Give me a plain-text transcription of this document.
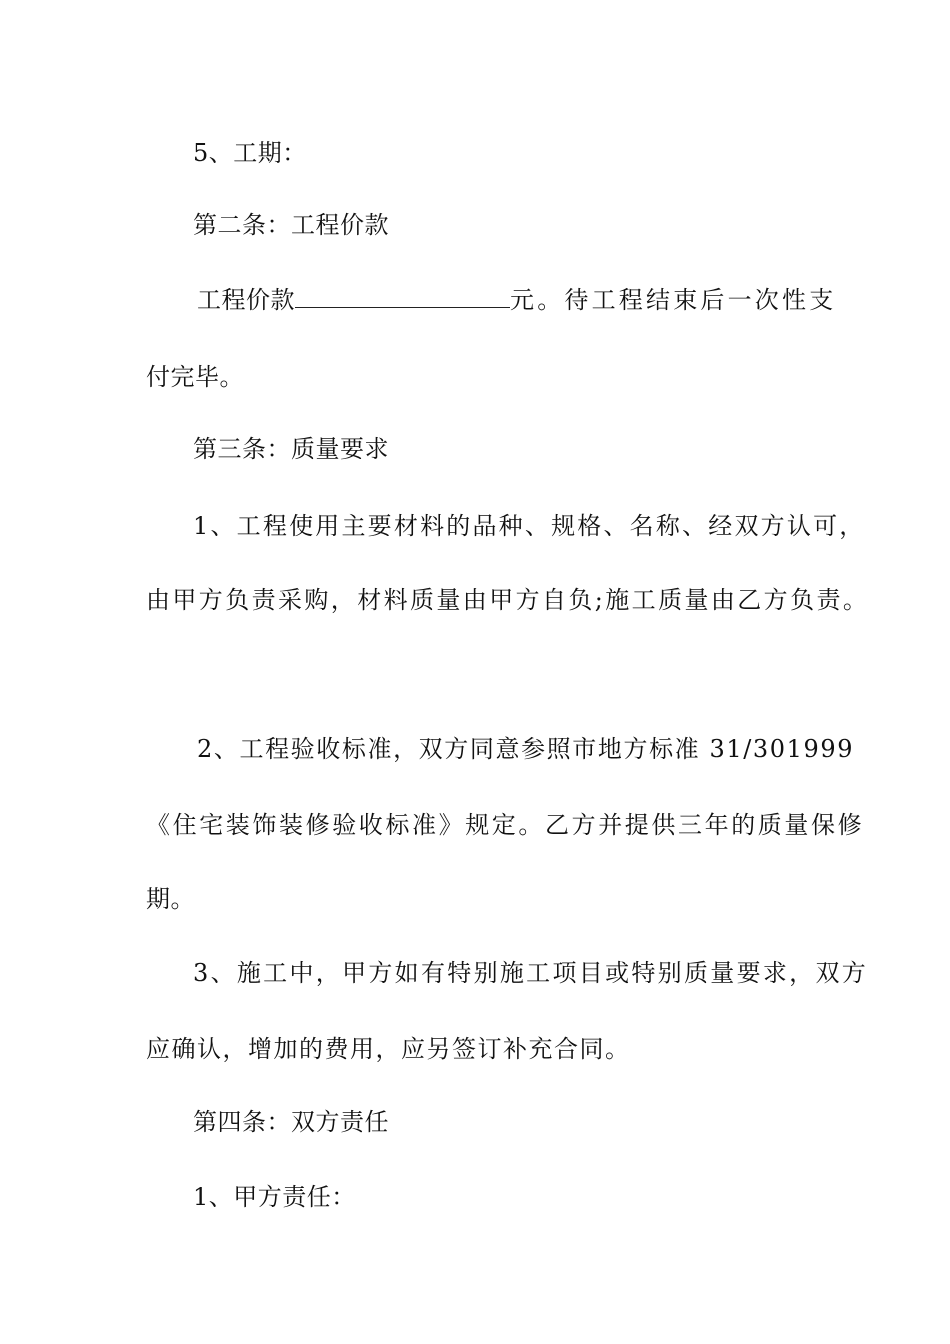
5、工期：
第二条：工程价款
工程价款	元。待工程结束后一次性支
付完毕。
第三条：质量要求
1、工程使用主要材料的品种、规格、名称、经双方认可，
由甲方负责采购，材料质量由甲方自负;施工质量由乙方负责。
2、工程验收标准，双方同意参照市地方标准 31/301999
《住宅装饰装修验收标准》规定。乙方并提供三年的质量保修
期。
3、施工中，甲方如有特别施工项目或特别质量要求，双方
应确认，增加的费用，应另签订补充合同。
第四条：双方责任
1、甲方责任：
